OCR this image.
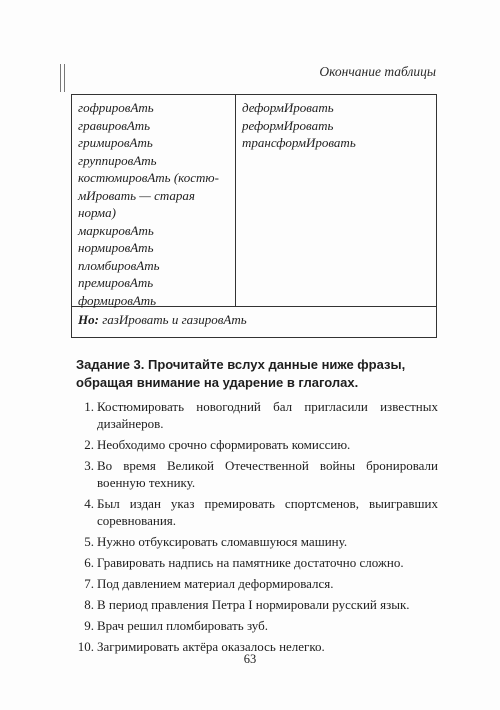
Окончание таблицы
гофрировАть
гравировАть
гримировАть
группировАть
костюмировАть (костю-
мИровать — старая
норма)
маркировАть
нормировАть
пломбировАть
премировАть
формировАть
деформИровать
реформИровать
трансформИровать
Но: газИровать и газировАть
Задание 3. Прочитайте вслух данные ниже фразы, обращая внимание на ударение в глаголах.
1. Костюмировать новогодний бал пригласили известных дизайнеров.
2. Необходимо срочно сформировать комиссию.
3. Во время Великой Отечественной войны бронировали военную технику.
4. Был издан указ премировать спортсменов, выигравших соревнования.
5. Нужно отбуксировать сломавшуюся машину.
6. Гравировать надпись на памятнике достаточно сложно.
7. Под давлением материал деформировался.
8. В период правления Петра I нормировали русский язык.
9. Врач решил пломбировать зуб.
10. Загримировать актёра оказалось нелегко.
63
